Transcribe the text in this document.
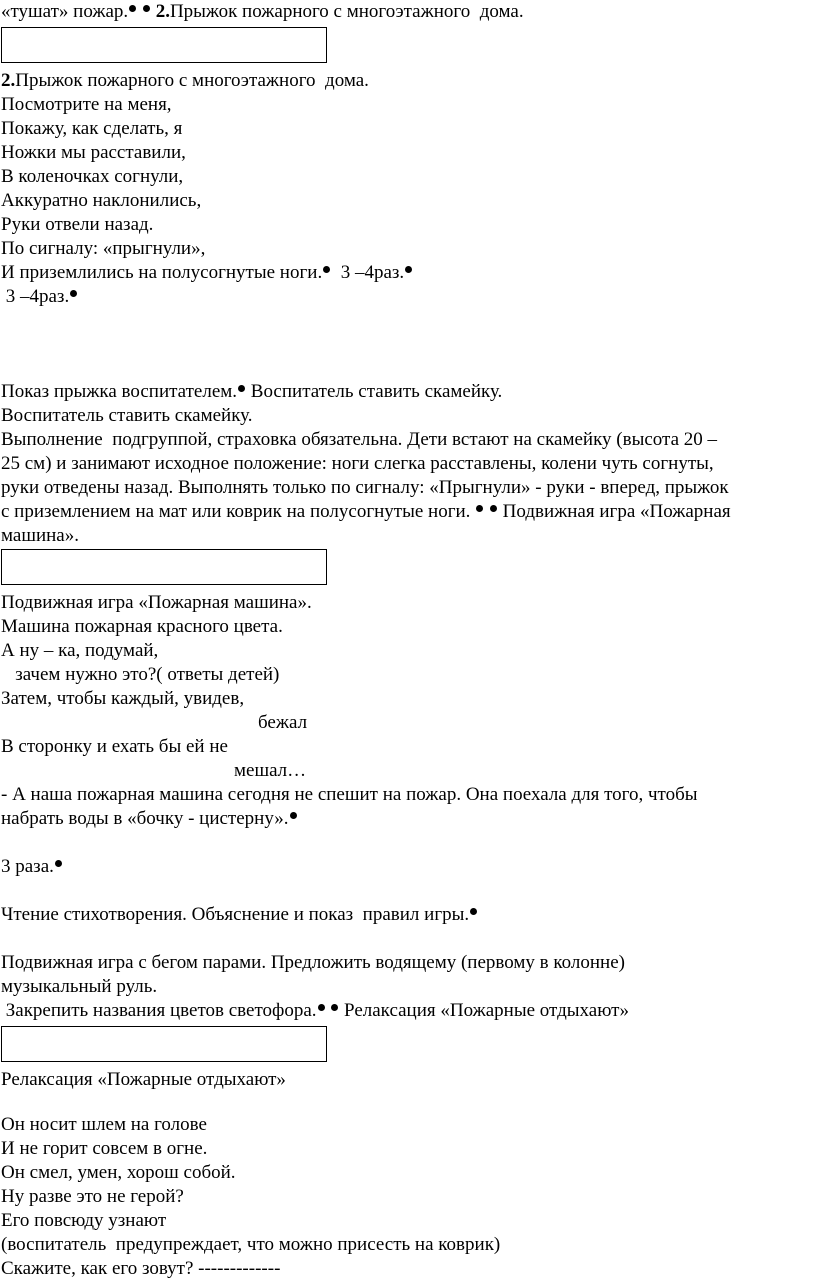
«тушат» пожар. 2.Прыжок пожарного с многоэтажного  дома.
2.Прыжок пожарного с многоэтажного  дома.
Посмотрите на меня,
Покажу, как сделать, я
Ножки мы расставили,
В коленочках согнули,
Аккуратно наклонились,
Руки отвели назад.
По сигналу: «прыгнули»,
И приземлились на полусогнутые ноги.  3 –4раз.
3 –4раз.
Показ прыжка воспитателем. Воспитатель ставить скамейку.
Воспитатель ставить скамейку.
Выполнение  подгруппой, страховка обязательна. Дети встают на скамейку (высота 20 –
25 см) и занимают исходное положение: ноги слегка расставлены, колени чуть согнуты,
руки отведены назад. Выполнять только по сигналу: «Прыгнули» - руки - вперед, прыжок
с приземлением на мат или коврик на полусогнутые ноги.   Подвижная игра «Пожарная
машина».
Подвижная игра «Пожарная машина».
Машина пожарная красного цвета.
А ну – ка, подумай,
зачем нужно это?( ответы детей)
Затем, чтобы каждый, увидев,
бежал
В сторонку и ехать бы ей не
мешал…
- А наша пожарная машина сегодня не спешит на пожар. Она поехала для того, чтобы
набрать воды в «бочку - цистерну».
3 раза.
Чтение стихотворения. Объяснение и показ  правил игры.
Подвижная игра с бегом парами. Предложить водящему (первому в колонне)
музыкальный руль.
Закрепить названия цветов светофора.  Релаксация «Пожарные отдыхают»
Релаксация «Пожарные отдыхают»
Он носит шлем на голове
И не горит совсем в огне.
Он смел, умен, хорош собой.
Ну разве это не герой?
Его повсюду узнают
(воспитатель  предупреждает, что можно присесть на коврик)
Скажите, как его зовут? -------------
